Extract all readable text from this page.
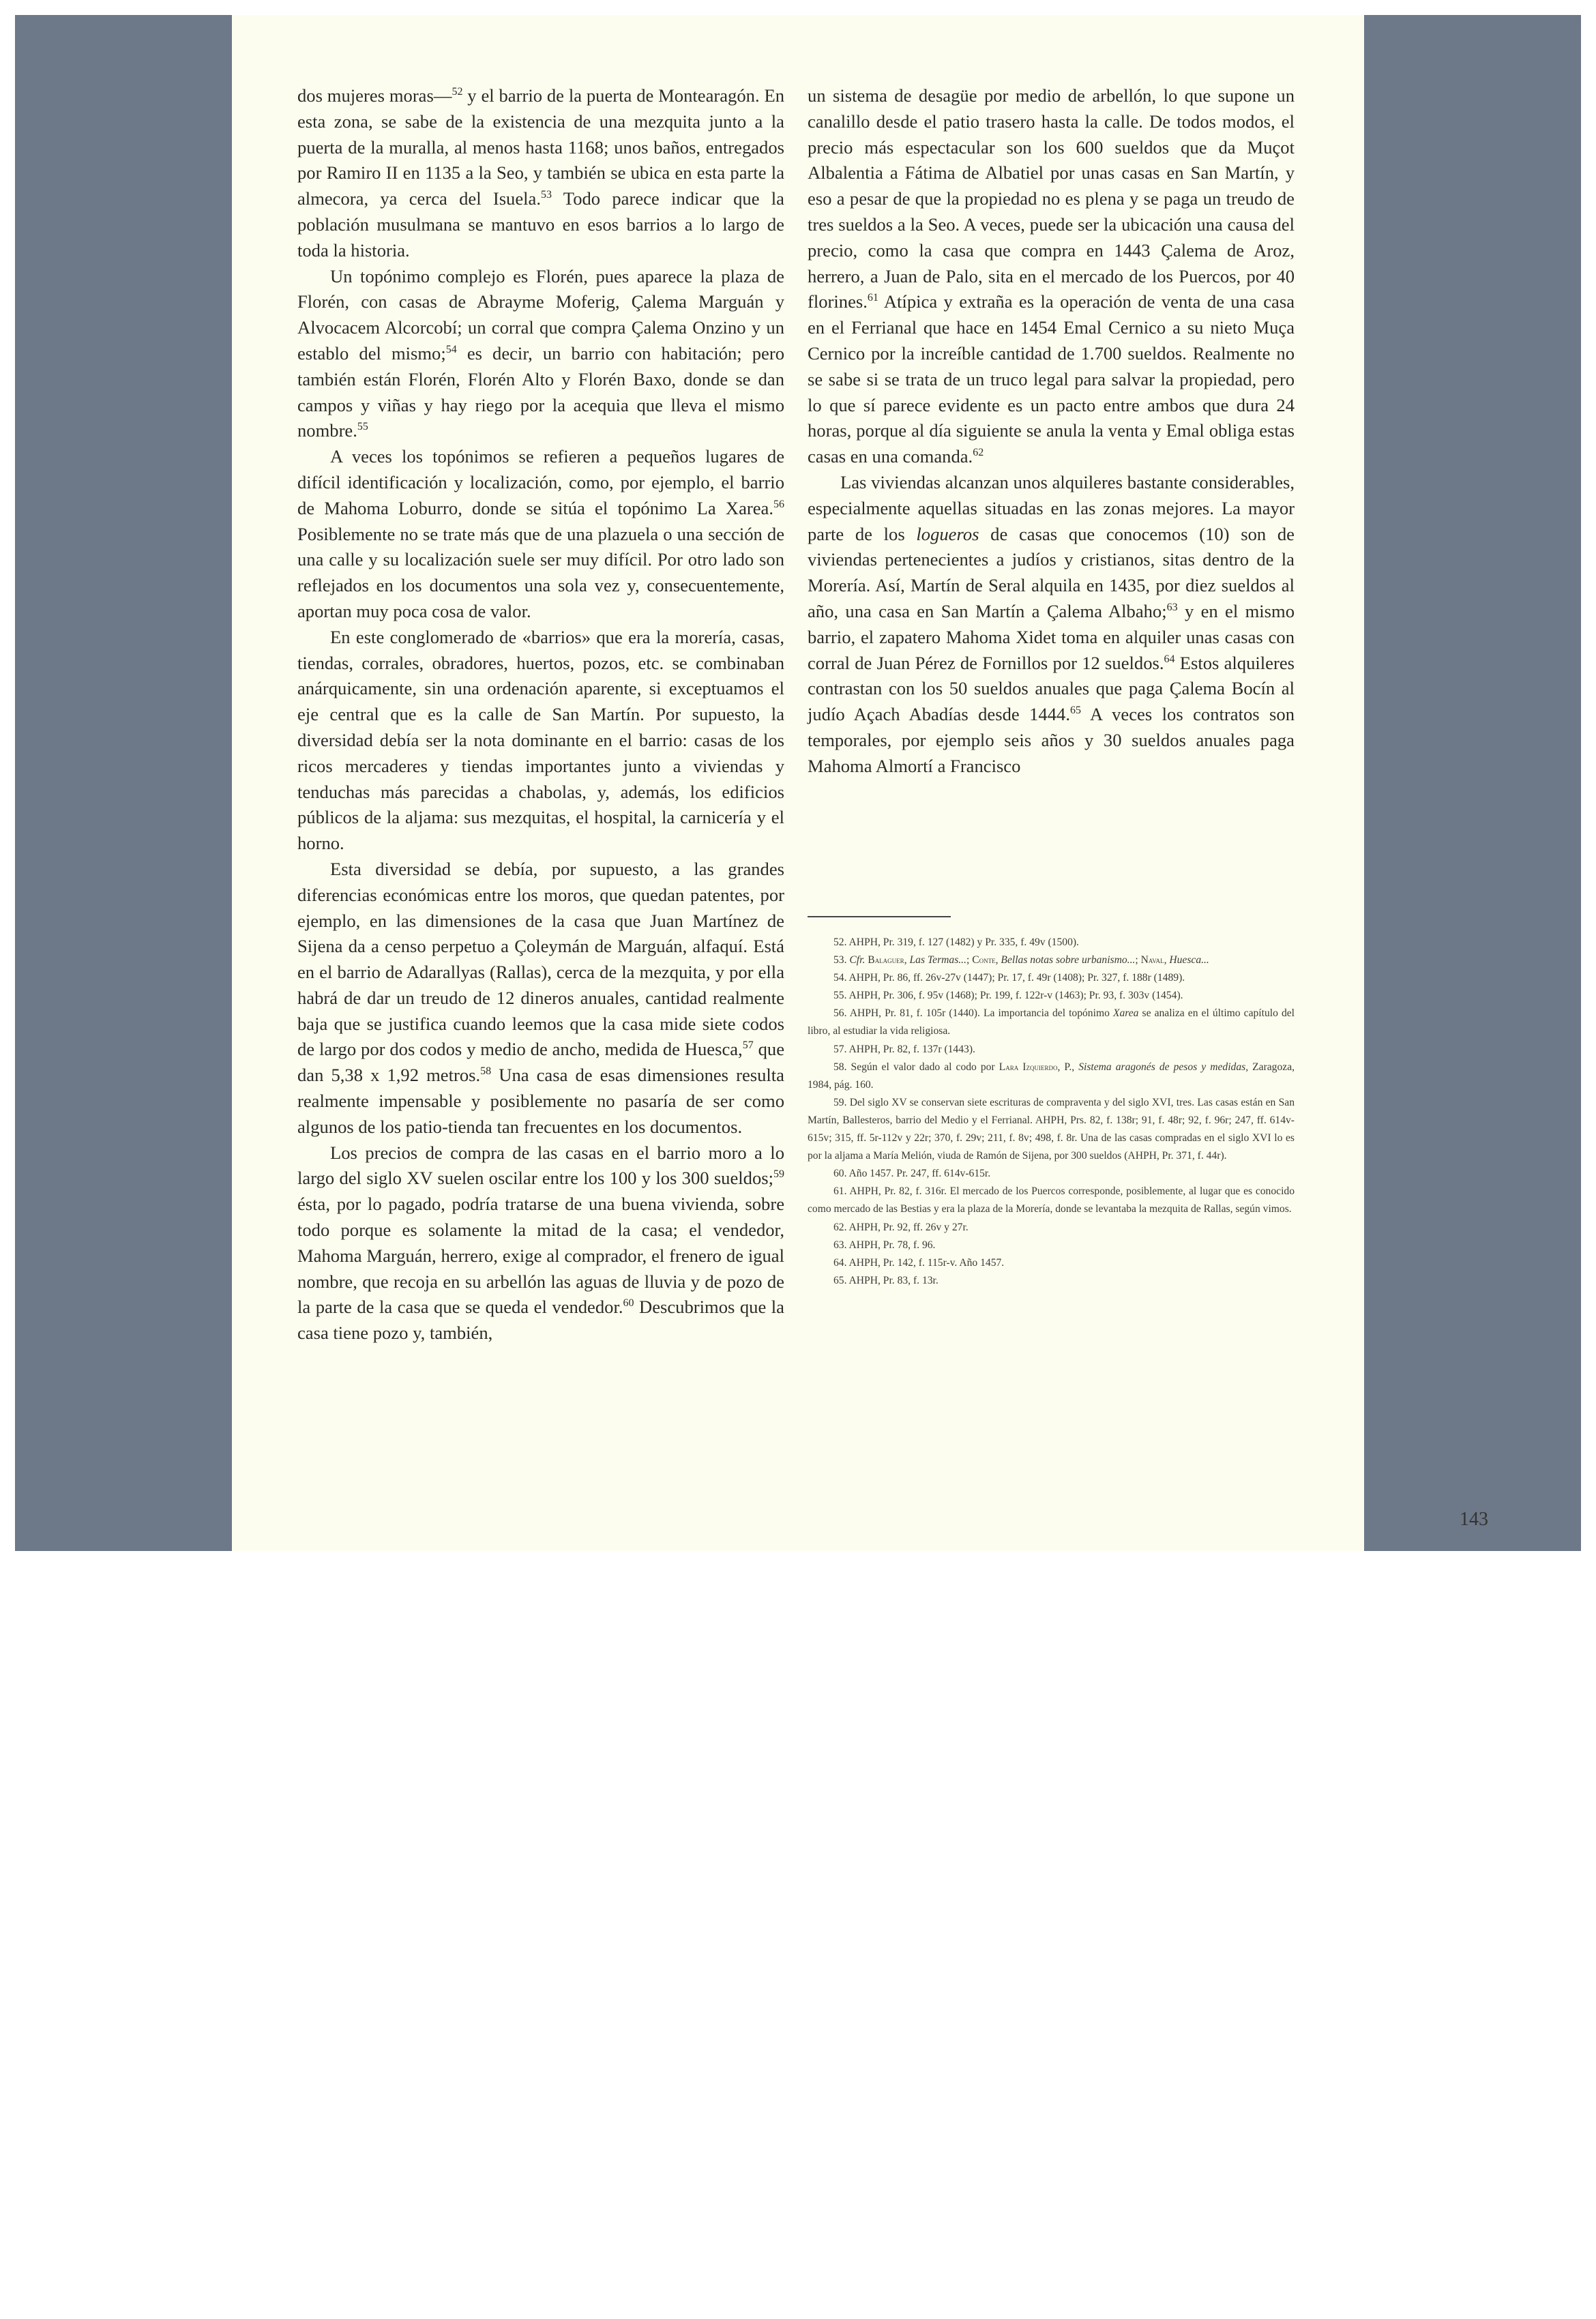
dos mujeres moras—$^{52}$ y el barrio de la puerta de Montearagón. En esta zona, se sabe de la existencia de una mezquita junto a la puerta de la muralla, al menos hasta 1168; unos baños, entregados por Ramiro II en 1135 a la Seo, y también se ubica en esta parte la almecora, ya cerca del Isuela.$^{53}$ Todo parece indicar que la población musulmana se mantuvo en esos barrios a lo largo de toda la historia.

Un topónimo complejo es Florén, pues aparece la plaza de Florén, con casas de Abrayme Moferig, Çalema Marguán y Alvocacem Alcorcobí; un corral que compra Çalema Onzino y un establo del mismo;$^{54}$ es decir, un barrio con habitación; pero también están Florén, Florén Alto y Florén Baxo, donde se dan campos y viñas y hay riego por la acequia que lleva el mismo nombre.$^{55}$

A veces los topónimos se refieren a pequeños lugares de difícil identificación y localización, como, por ejemplo, el barrio de Mahoma Loburro, donde se sitúa el topónimo La Xarea.$^{56}$ Posiblemente no se trate más que de una plazuela o una sección de una calle y su localización suele ser muy difícil. Por otro lado son reflejados en los documentos una sola vez y, consecuentemente, aportan muy poca cosa de valor.

En este conglomerado de «barrios» que era la morería, casas, tiendas, corrales, obradores, huertos, pozos, etc. se combinaban anárquicamente, sin una ordenación aparente, si exceptuamos el eje central que es la calle de San Martín. Por supuesto, la diversidad debía ser la nota dominante en el barrio: casas de los ricos mercaderes y tiendas importantes junto a viviendas y tenduchas más parecidas a chabolas, y, además, los edificios públicos de la aljama: sus mezquitas, el hospital, la carnicería y el horno.

Esta diversidad se debía, por supuesto, a las grandes diferencias económicas entre los moros, que quedan patentes, por ejemplo, en las dimensiones de la casa que Juan Martínez de Sijena da a censo perpetuo a Çoleymán de Marguán, alfaquí. Está en el barrio de Adarallyas (Rallas), cerca de la mezquita, y por ella habrá de dar un treudo de 12 dineros anuales, cantidad realmente baja que se justifica cuando leemos que la casa mide siete codos de largo por dos codos y medio de ancho, medida de Huesca,$^{57}$ que dan 5,38 x 1,92 metros.$^{58}$ Una casa de esas dimensiones resulta realmente impensable y posiblemente no pasaría de ser como algunos de los patio-tienda tan frecuentes en los documentos.

Los precios de compra de las casas en el barrio moro a lo largo del siglo XV suelen oscilar entre los 100 y los 300 sueldos;$^{59}$ ésta, por lo pagado, podría tratarse de una buena vivienda, sobre todo porque es solamente la mitad de la casa; el vendedor, Mahoma Marguán, herrero, exige al comprador, el frenero de igual nombre, que recoja en su arbellón las aguas de lluvia y de pozo de la parte de la casa que se queda el vendedor.$^{60}$ Descubrimos que la casa tiene pozo y, también,

un sistema de desagüe por medio de arbellón, lo que supone un canalillo desde el patio trasero hasta la calle. De todos modos, el precio más espectacular son los 600 sueldos que da Muçot Albalentia a Fátima de Albatiel por unas casas en San Martín, y eso a pesar de que la propiedad no es plena y se paga un treudo de tres sueldos a la Seo. A veces, puede ser la ubicación una causa del precio, como la casa que compra en 1443 Çalema de Aroz, herrero, a Juan de Palo, sita en el mercado de los Puercos, por 40 florines.$^{61}$ Atípica y extraña es la operación de venta de una casa en el Ferrianal que hace en 1454 Emal Cernico a su nieto Muça Cernico por la increíble cantidad de 1.700 sueldos. Realmente no se sabe si se trata de un truco legal para salvar la propiedad, pero lo que sí parece evidente es un pacto entre ambos que dura 24 horas, porque al día siguiente se anula la venta y Emal obliga estas casas en una comanda.$^{62}$

Las viviendas alcanzan unos alquileres bastante considerables, especialmente aquellas situadas en las zonas mejores. La mayor parte de los logueros de casas que conocemos (10) son de viviendas pertenecientes a judíos y cristianos, sitas dentro de la Morería. Así, Martín de Seral alquila en 1435, por diez sueldos al año, una casa en San Martín a Çalema Albaho;$^{63}$ y en el mismo barrio, el zapatero Mahoma Xidet toma en alquiler unas casas con corral de Juan Pérez de Fornillos por 12 sueldos.$^{64}$ Estos alquileres contrastan con los 50 sueldos anuales que paga Çalema Bocín al judío Açach Abadías desde 1444.65 A veces los contratos son temporales, por ejemplo seis años y 30 sueldos anuales paga Mahoma Almortí a Francisco

52. AHPH, Pr. 319, f. 127 (1482) y Pr. 335, f. 49v (1500).

53. Cfr. Balaguer, Las Termas...; Conte, Bellas notas sobre urbanismo...; Naval, Huesca...

54. AHPH, Pr. 86, ff. 26v-27v (1447); Pr. 17, f. 49r (1408); Pr. 327, f. 188r (1489).

55. AHPH, Pr. 306, f. 95v (1468); Pr. 199, f. 122r-v (1463); Pr. 93, f. 303v (1454).

56. AHPH, Pr. 81, f. 105r (1440). La importancia del topónimo Xarea se analiza en el último capítulo del libro, al estudiar la vida religiosa.

57. AHPH, Pr. 82, f. 137r (1443).

58. Según el valor dado al codo por Lara Izquierdo, P., Sistema aragonés de pesos y medidas, Zaragoza, 1984, pág. 160.

59. Del siglo XV se conservan siete escrituras de compraventa y del siglo XVI, tres. Las casas están en San Martín, Ballesteros, barrio del Medio y el Ferrianal. AHPH, Prs. 82, f. 138r; 91, f. 48r; 92, f. 96r; 247, ff. 614v-615v; 315, ff. 5r-112v y 22r; 370, f. 29v; 211, f. 8v; 498, f. 8r. Una de las casas compradas en el siglo XVI lo es por la aljama a María Melión, viuda de Ramón de Sijena, por 300 sueldos (AHPH, Pr. 371, f. 44r).

60. Año 1457. Pr. 247, ff. 614v-615r.

61. AHPH, Pr. 82, f. 316r. El mercado de los Puercos corresponde, posiblemente, al lugar que es conocido como mercado de las Bestias y era la plaza de la Morería, donde se levantaba la mezquita de Rallas, según vimos.

62. AHPH, Pr. 92, ff. 26v y 27r.

63. AHPH, Pr. 78, f. 96.

64. AHPH, Pr. 142, f. 115r-v. Año 1457.

65. AHPH, Pr. 83, f. 13r.

143
